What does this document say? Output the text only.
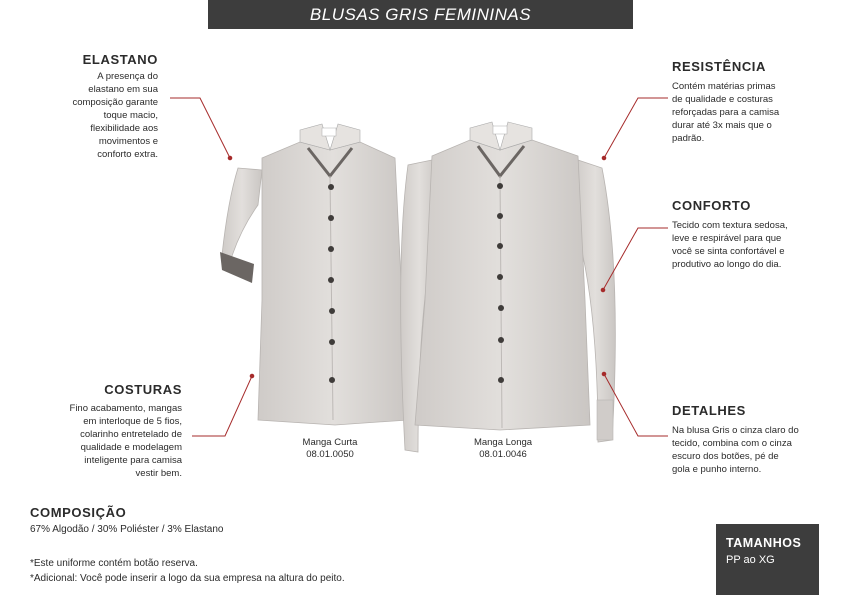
BLUSAS GRIS FEMININAS
ELASTANO
A presença do
elastano em sua
composição garante
toque macio,
flexibilidade aos
movimentos e
conforto extra.
COSTURAS
Fino acabamento, mangas
em interloque de 5 fios,
colarinho entretelado de
qualidade e modelagem
inteligente para camisa
vestir bem.
RESISTÊNCIA
Contém matérias primas
de qualidade e costuras
reforçadas para a camisa
durar até 3x mais que o
padrão.
CONFORTO
Tecido com textura sedosa,
leve e respirável para que
você se sinta confortável e
produtivo ao longo do dia.
DETALHES
Na blusa Gris o cinza claro do
tecido, combina com o cinza
escuro dos botões, pé de
gola e punho interno.
Manga Curta
08.01.0050
Manga Longa
08.01.0046
COMPOSIÇÃO
67% Algodão / 30% Poliéster / 3% Elastano
*Este uniforme contém botão reserva.
*Adicional: Você pode inserir a logo da sua empresa na altura do peito.
TAMANHOS
PP ao XG
